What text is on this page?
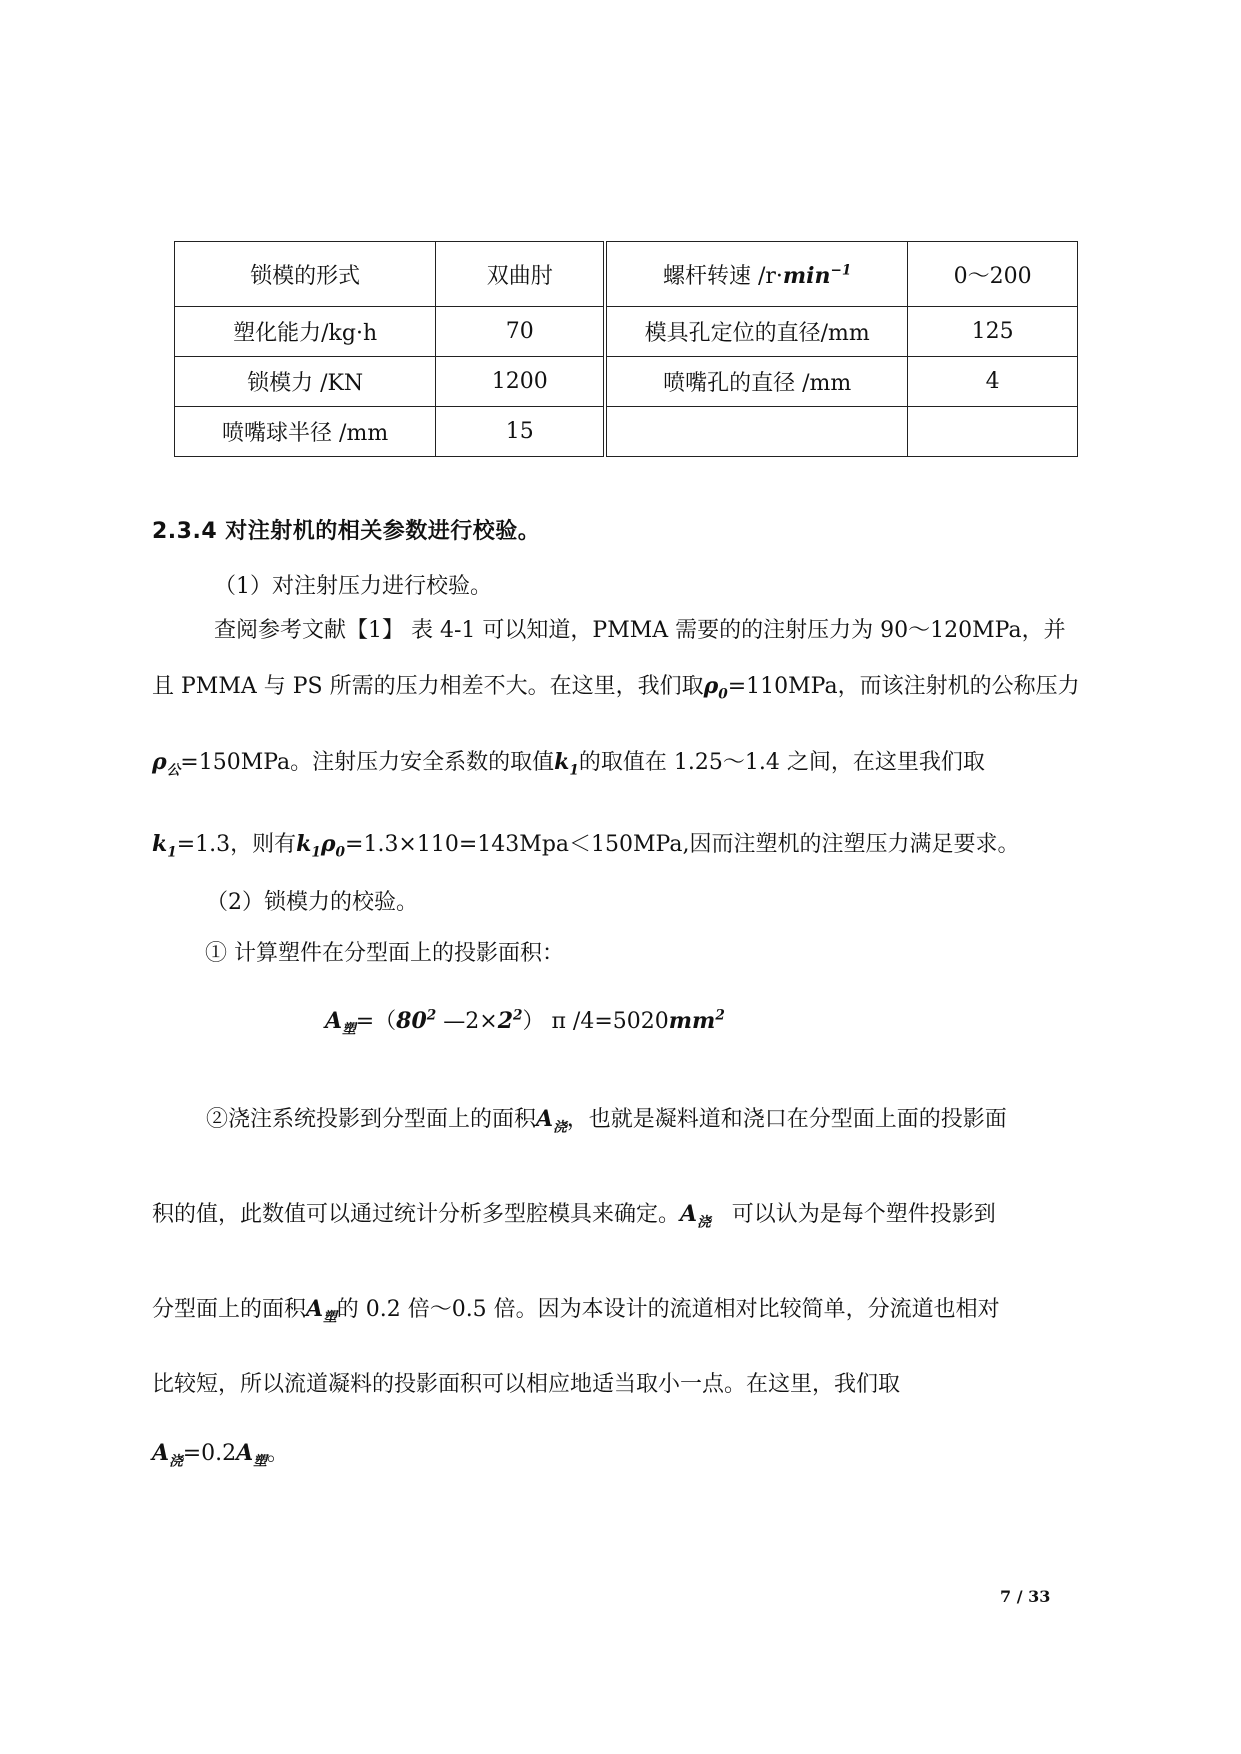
锁模的形式	双曲肘	螺杆转速 $/r\cdot\min^{-1}$	0～200
塑化能力/kg·h	70	模具孔定位的直径/mm	125
锁模力 /KN	1200	喷嘴孔的直径 /mm	4
喷嘴球半径 /mm	15		
2.3.4 对注射机的相关参数进行校验。
（1）对注射压力进行校验。
查阅参考文献【1】 表 4-1 可以知道，PMMA 需要的的注射压力为 90～120MPa，并
且 PMMA 与 PS 所需的压力相差不大。在这里，我们取$\rho_0=110MPa$，而该注射机的公称压力
$\rho_公=150MPa$。注射压力安全系数的取值$k_1$的取值在 1.25～1.4 之间，在这里我们取
$k_1=1.3$，则有$k_1\rho_0=1.3\times 110=143Mpa<150MPa$,因而注塑机的注塑压力满足要求。
（2）锁模力的校验。
① 计算塑件在分型面上的投影面积：
$A_塑=(80^2$ $—2\times 2^2$） π $/4=5020mm^2$
②浇注系统投影到分型面上的面积$A_浇$，也就是凝料道和浇口在分型面上面的投影面
积的值，此数值可以通过统计分析多型腔模具来确定。$A_浇$ 可以认为是每个塑件投影到
分型面上的面积$A_塑$的 0.2 倍～0.5 倍。因为本设计的流道相对比较简单，分流道也相对
比较短，所以流道凝料的投影面积可以相应地适当取小一点。在这里，我们取
$A_浇=0.2A_塑$。
7 / 33
